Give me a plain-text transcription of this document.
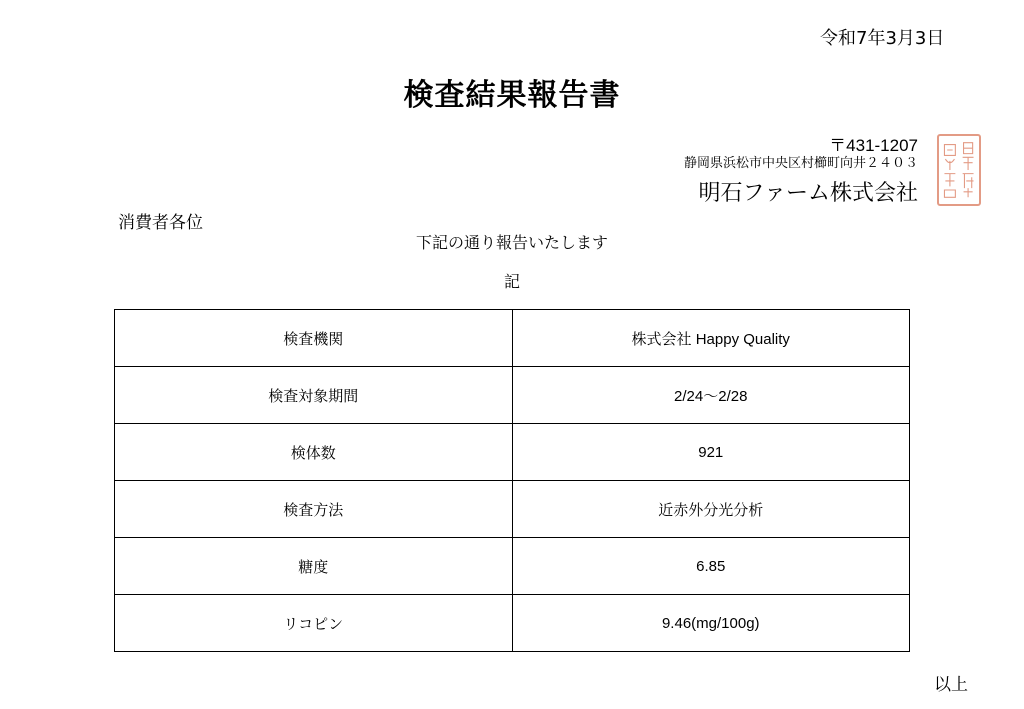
令和7年3月3日
検査結果報告書
〒431-1207
静岡県浜松市中央区村櫛町向井２４０３
明石ファーム株式会社
消費者各位
下記の通り報告いたします
記
検査機関	株式会社 Happy Quality
検査対象期間	2/24〜2/28
検体数	921
検査方法	近赤外分光分析
糖度	6.85
リコピン	9.46(mg/100g)
以上
